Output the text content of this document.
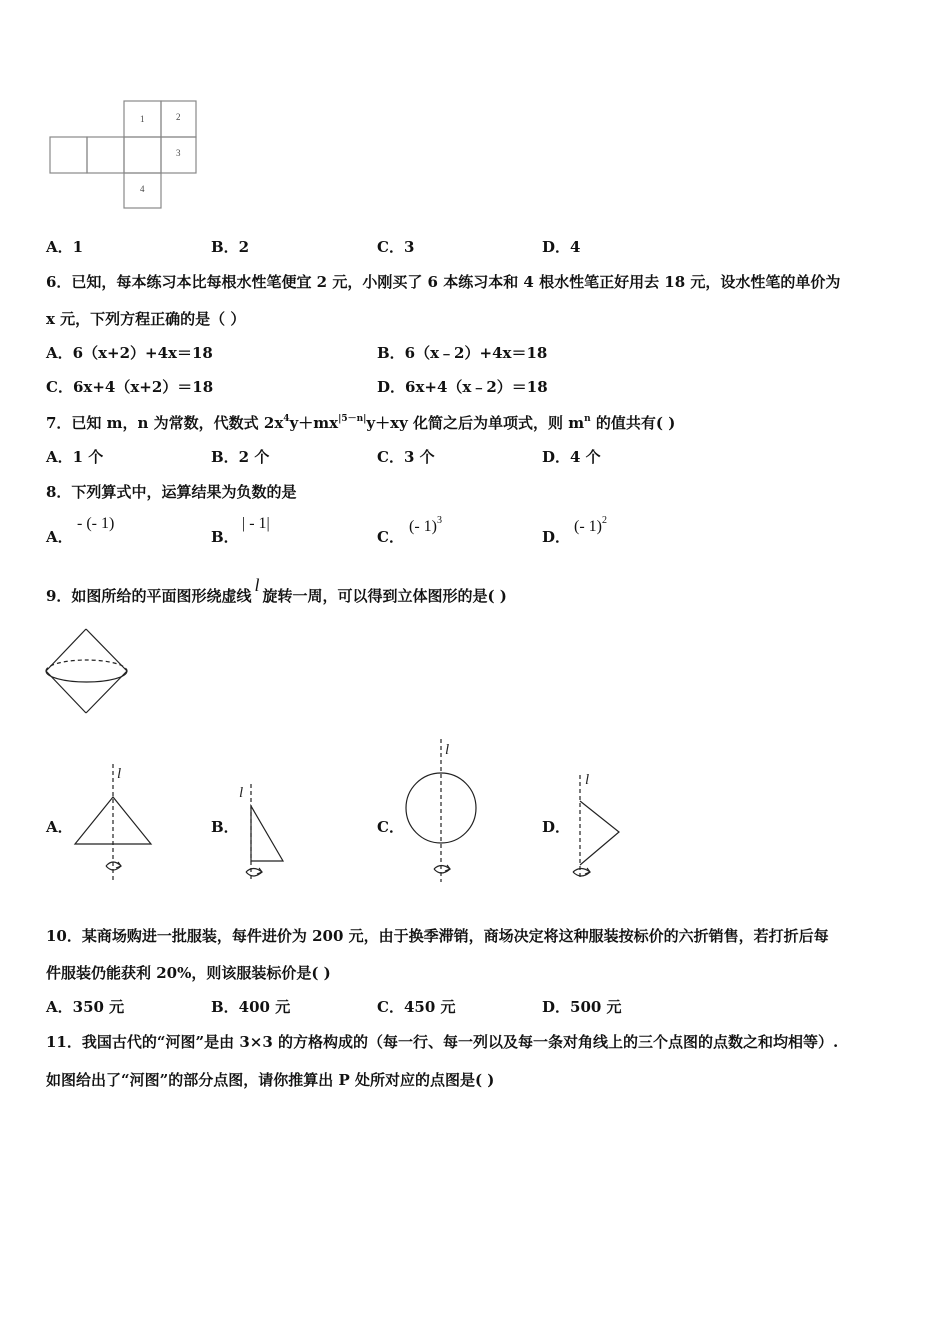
1	2
3
4
A．1	B．2	C．3	D．4
6．已知，每本练习本比每根水性笔便宜 2 元，小刚买了 6 本练习本和 4 根水性笔正好用去 18 元，设水性笔的单价为
x 元，下列方程正确的是（ ）
A．6（x+2）+4x＝18	B．6（x﹣2）+4x＝18
C．6x+4（x+2）＝18	D．6x+4（x﹣2）＝18
7．已知 m，n 为常数，代数式 $2x^4y+mx^{|5-n|}y+xy$ 化简之后为单项式，则 $m^n$ 的值共有( )
A．1 个	B．2 个	C．3 个	D．4 个
8．下列算式中，运算结果为负数的是
A．
- (- 1)
B．
| - 1|
C．
(- 1)$^3$
D．
(- 1)$^2$
9．如图所给的平面图形绕虚线l旋转一周，可以得到立体图形的是( )
A．	B．	C．	D．
l
l
l
l
10．某商场购进一批服装，每件进价为 200 元，由于换季滞销，商场决定将这种服装按标价的六折销售，若打折后每
件服装仍能获利 20%，则该服装标价是( )
A．350 元	B．400 元	C．450 元	D．500 元
11．我国古代的“河图”是由 3×3 的方格构成的（每一行、每一列以及每一条对角线上的三个点图的点数之和均相等）.
如图给出了“河图”的部分点图，请你推算出 P 处所对应的点图是( )
